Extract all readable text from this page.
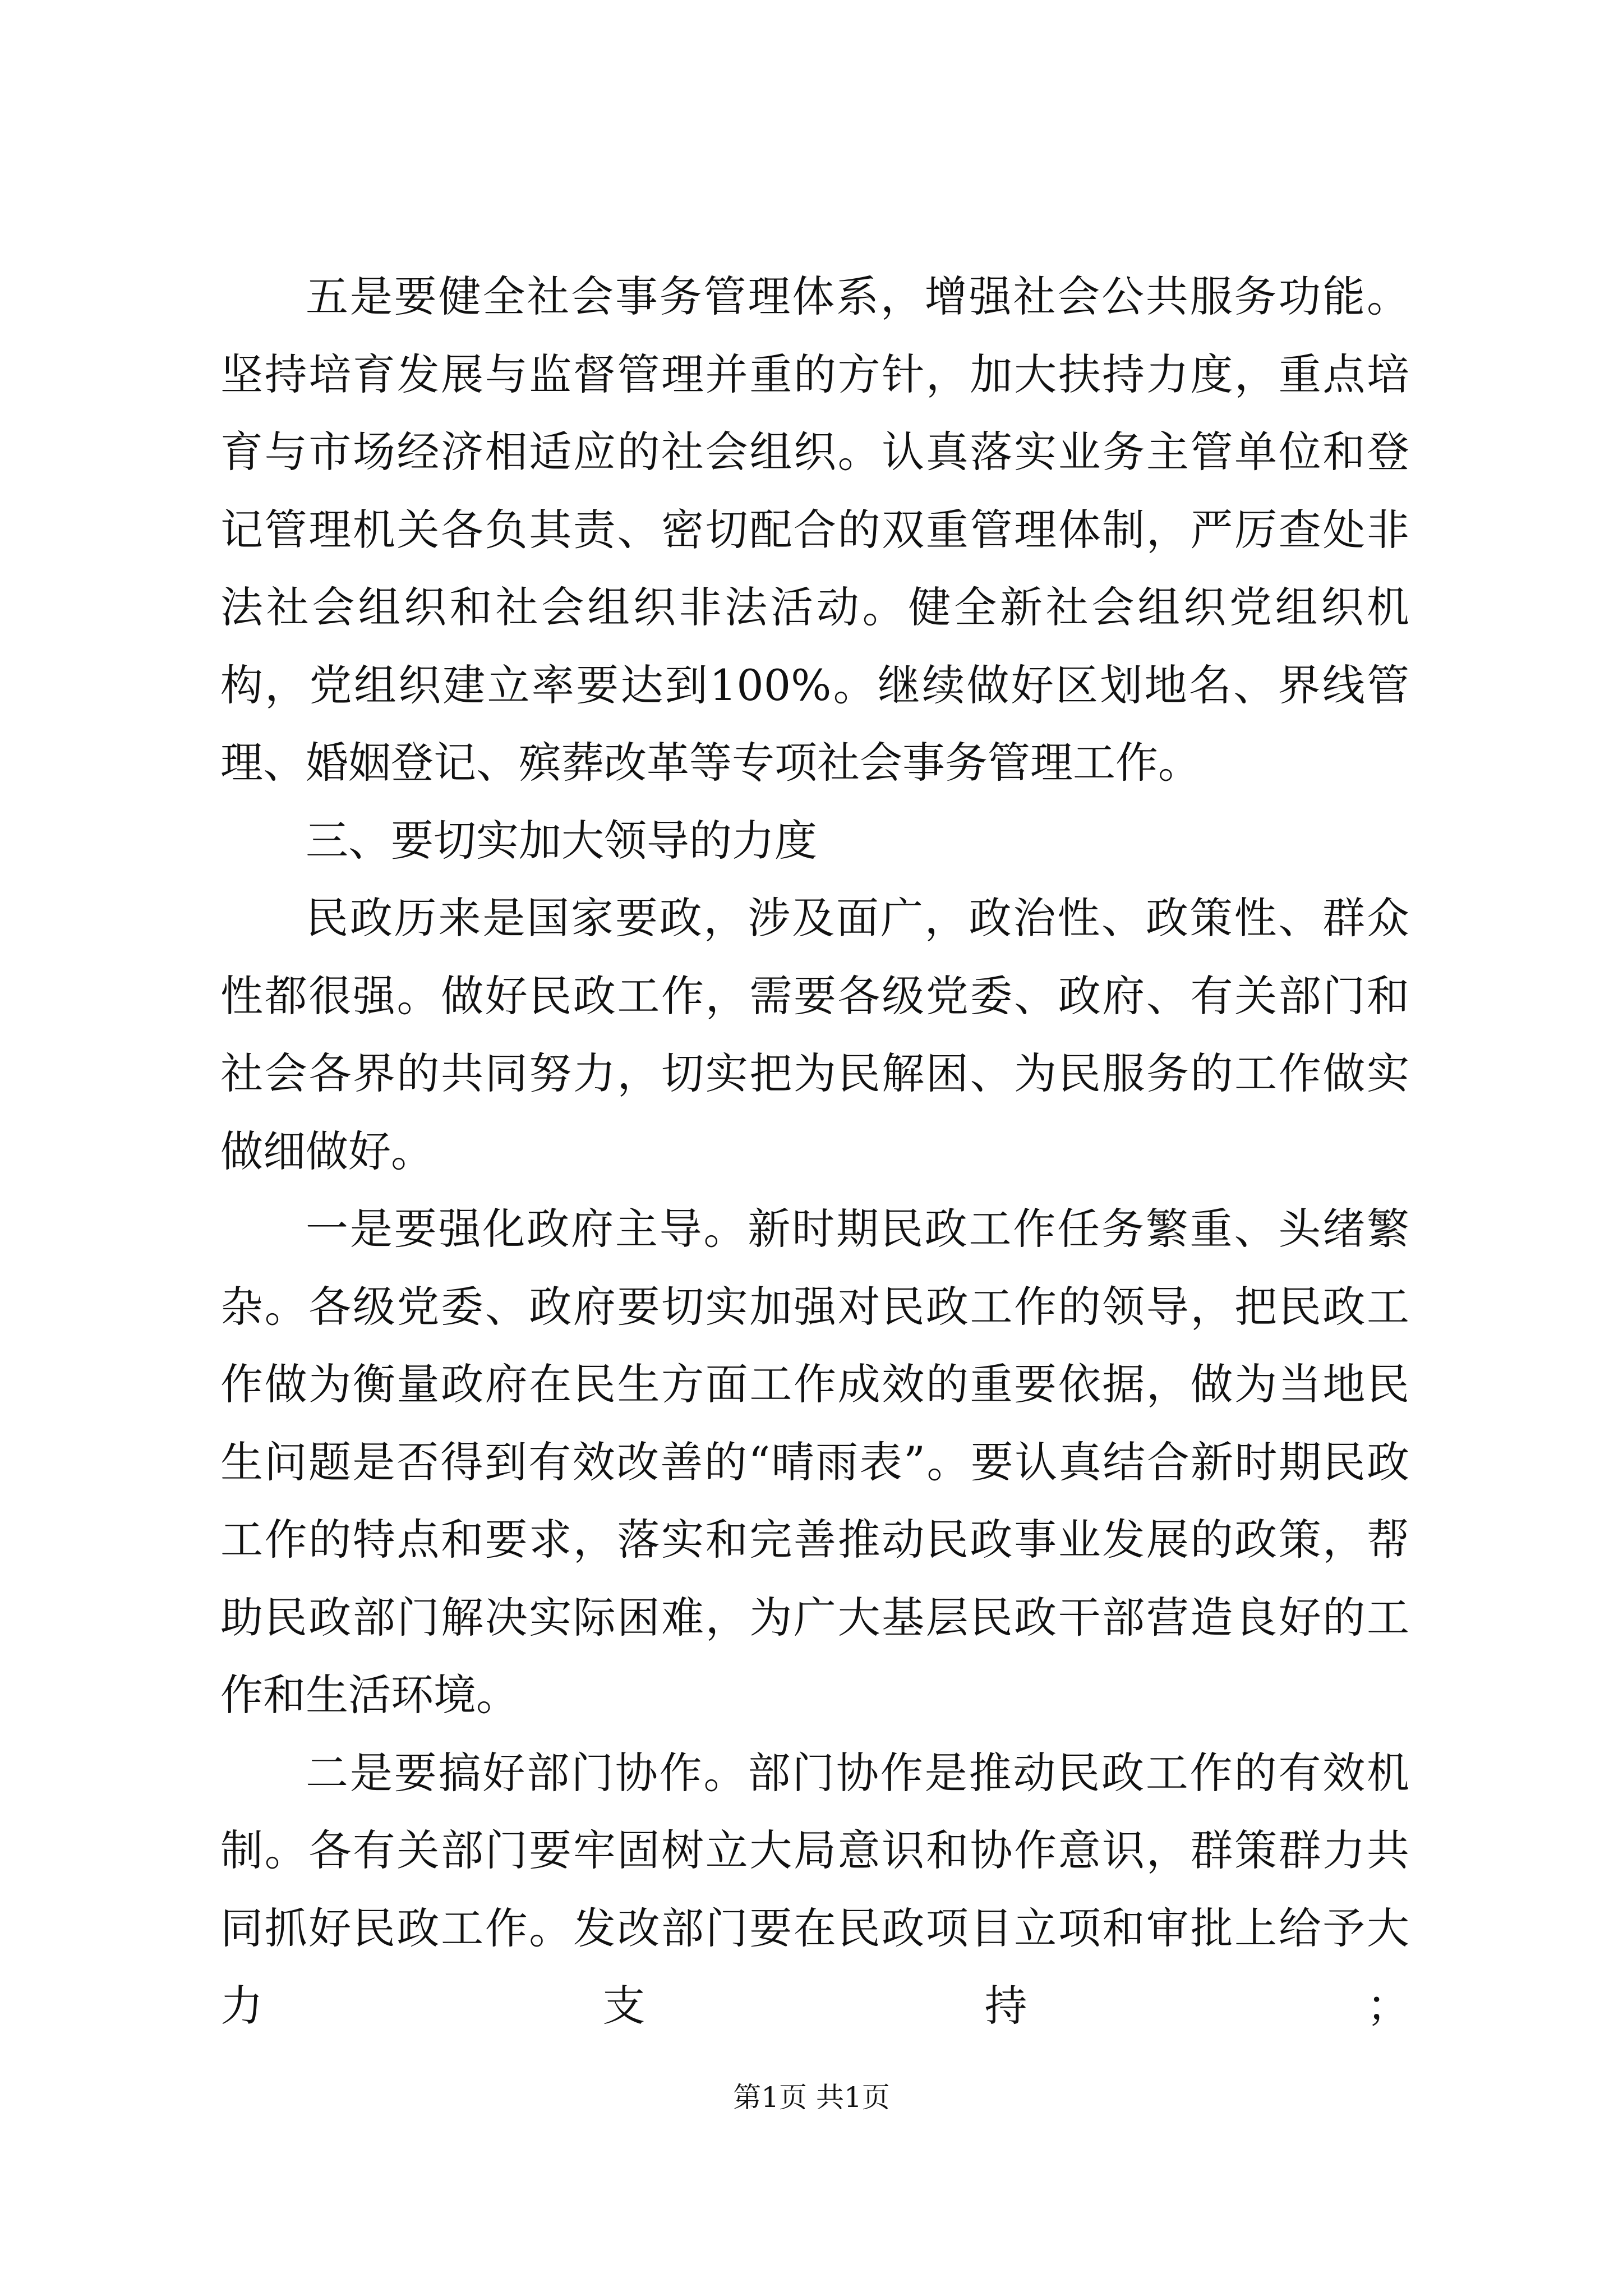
五是要健全社会事务管理体系，增强社会公共服务功能。坚持培育发展与监督管理并重的方针，加大扶持力度，重点培育与市场经济相适应的社会组织。认真落实业务主管单位和登记管理机关各负其责、密切配合的双重管理体制，严厉查处非法社会组织和社会组织非法活动。健全新社会组织党组织机构，党组织建立率要达到100%。继续做好区划地名、界线管理、婚姻登记、殡葬改革等专项社会事务管理工作。

三、要切实加大领导的力度

民政历来是国家要政，涉及面广，政治性、政策性、群众性都很强。做好民政工作，需要各级党委、政府、有关部门和社会各界的共同努力，切实把为民解困、为民服务的工作做实做细做好。

一是要强化政府主导。新时期民政工作任务繁重、头绪繁杂。各级党委、政府要切实加强对民政工作的领导，把民政工作做为衡量政府在民生方面工作成效的重要依据，做为当地民生问题是否得到有效改善的“晴雨表”。要认真结合新时期民政工作的特点和要求，落实和完善推动民政事业发展的政策，帮助民政部门解决实际困难，为广大基层民政干部营造良好的工作和生活环境。

二是要搞好部门协作。部门协作是推动民政工作的有效机制。各有关部门要牢固树立大局意识和协作意识，群策群力共同抓好民政工作。发改部门要在民政项目立项和审批上给予大力支持；

第1页 共1页
